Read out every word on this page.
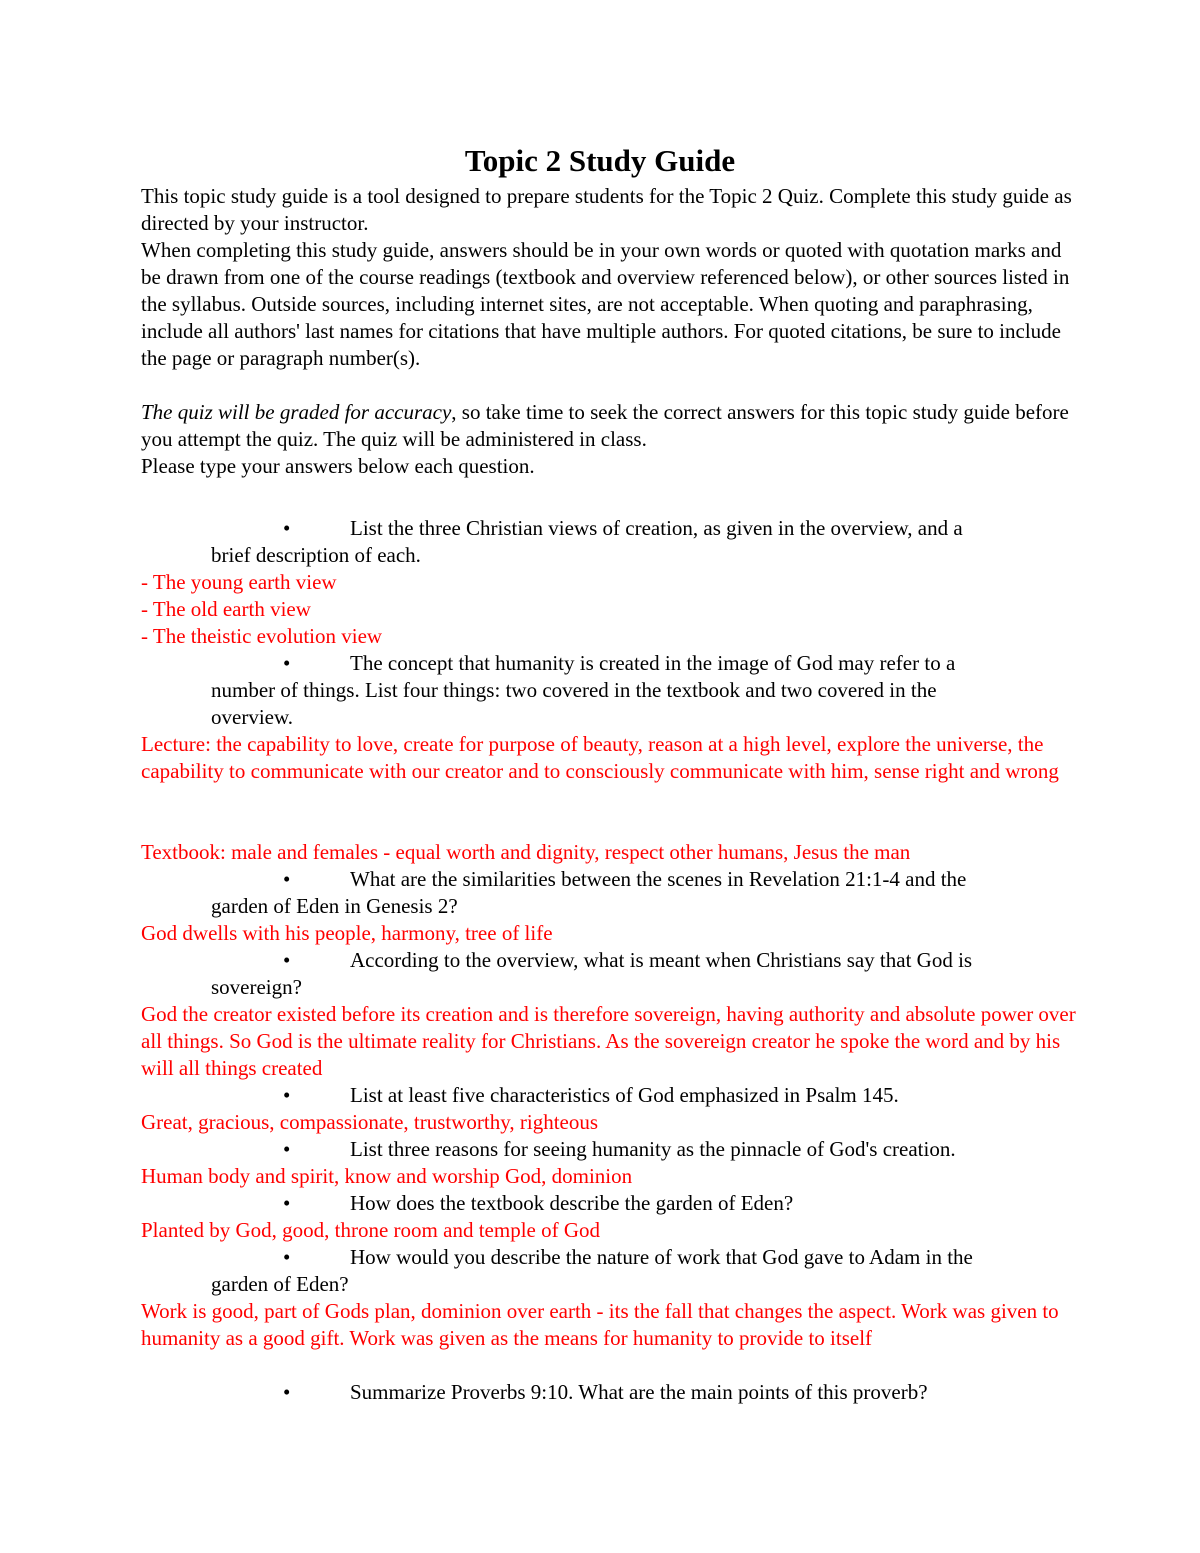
Topic 2 Study Guide
This topic study guide is a tool designed to prepare students for the Topic 2 Quiz. Complete this study guide as directed by your instructor.
When completing this study guide, answers should be in your own words or quoted with quotation marks and be drawn from one of the course readings (textbook and overview referenced below), or other sources listed in the syllabus. Outside sources, including internet sites, are not acceptable. When quoting and paraphrasing, include all authors' last names for citations that have multiple authors. For quoted citations, be sure to include the page or paragraph number(s).
The quiz will be graded for accuracy, so take time to seek the correct answers for this topic study guide before you attempt the quiz. The quiz will be administered in class.
Please type your answers below each question.
•	List the three Christian views of creation, as given in the overview, and a
brief description of each.
- The young earth view
- The old earth view
- The theistic evolution view
•	The concept that humanity is created in the image of God may refer to a
number of things. List four things: two covered in the textbook and two covered in the
overview.
Lecture: the capability to love, create for purpose of beauty, reason at a high level, explore the universe, the capability to communicate with our creator and to consciously communicate with him, sense right and wrong
Textbook: male and females - equal worth and dignity, respect other humans, Jesus the man
•	What are the similarities between the scenes in Revelation 21:1-4 and the
garden of Eden in Genesis 2?
God dwells with his people, harmony, tree of life
•	According to the overview, what is meant when Christians say that God is
sovereign?
God the creator existed before its creation and is therefore sovereign, having authority and absolute power over all things. So God is the ultimate reality for Christians. As the sovereign creator he spoke the word and by his will all things created
•	List at least five characteristics of God emphasized in Psalm 145.
Great, gracious, compassionate, trustworthy, righteous
•	List three reasons for seeing humanity as the pinnacle of God's creation.
Human body and spirit, know and worship God, dominion
•	How does the textbook describe the garden of Eden?
Planted by God, good, throne room and temple of God
•	How would you describe the nature of work that God gave to Adam in the
garden of Eden?
Work is good, part of Gods plan, dominion over earth - its the fall that changes the aspect. Work was given to humanity as a good gift. Work was given as the means for humanity to provide to itself
•	Summarize Proverbs 9:10. What are the main points of this proverb?
